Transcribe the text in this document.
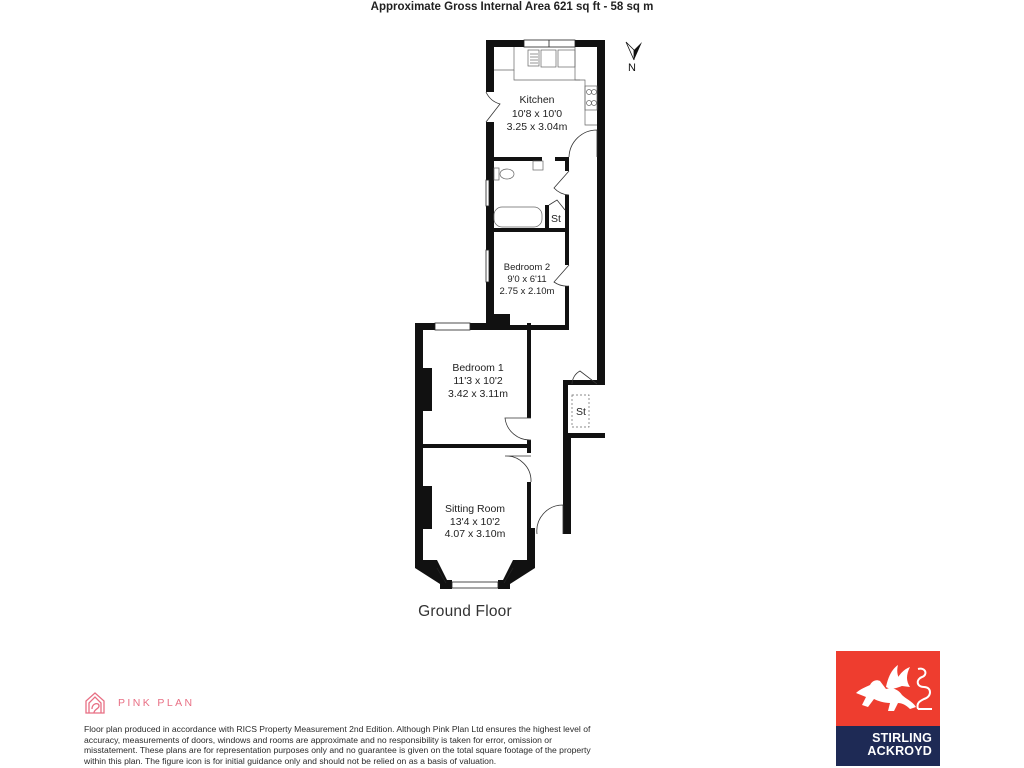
Approximate Gross Internal Area 621 sq ft - 58 sq m
Kitchen
10'8 x 10'0
3.25 x 3.04m
Bedroom 2
9'0 x 6'11
2.75 x 2.10m
Bedroom 1
11'3 x 10'2
3.42 x 3.11m
Sitting Room
13'4 x 10'2
4.07 x 3.10m
St
St
N
Ground Floor
PINK PLAN
Floor plan produced in accordance with RICS Property Measurement 2nd Edition. Although Pink Plan Ltd ensures the highest level of accuracy, measurements of doors, windows and rooms are approximate and no responsibility is taken for error, omission or misstatement. These plans are for representation purposes only and no guarantee is given on the total square footage of the property within this plan. The figure icon is for initial guidance only and should not be relied on as a basis of valuation.
STIRLING
ACKROYD
